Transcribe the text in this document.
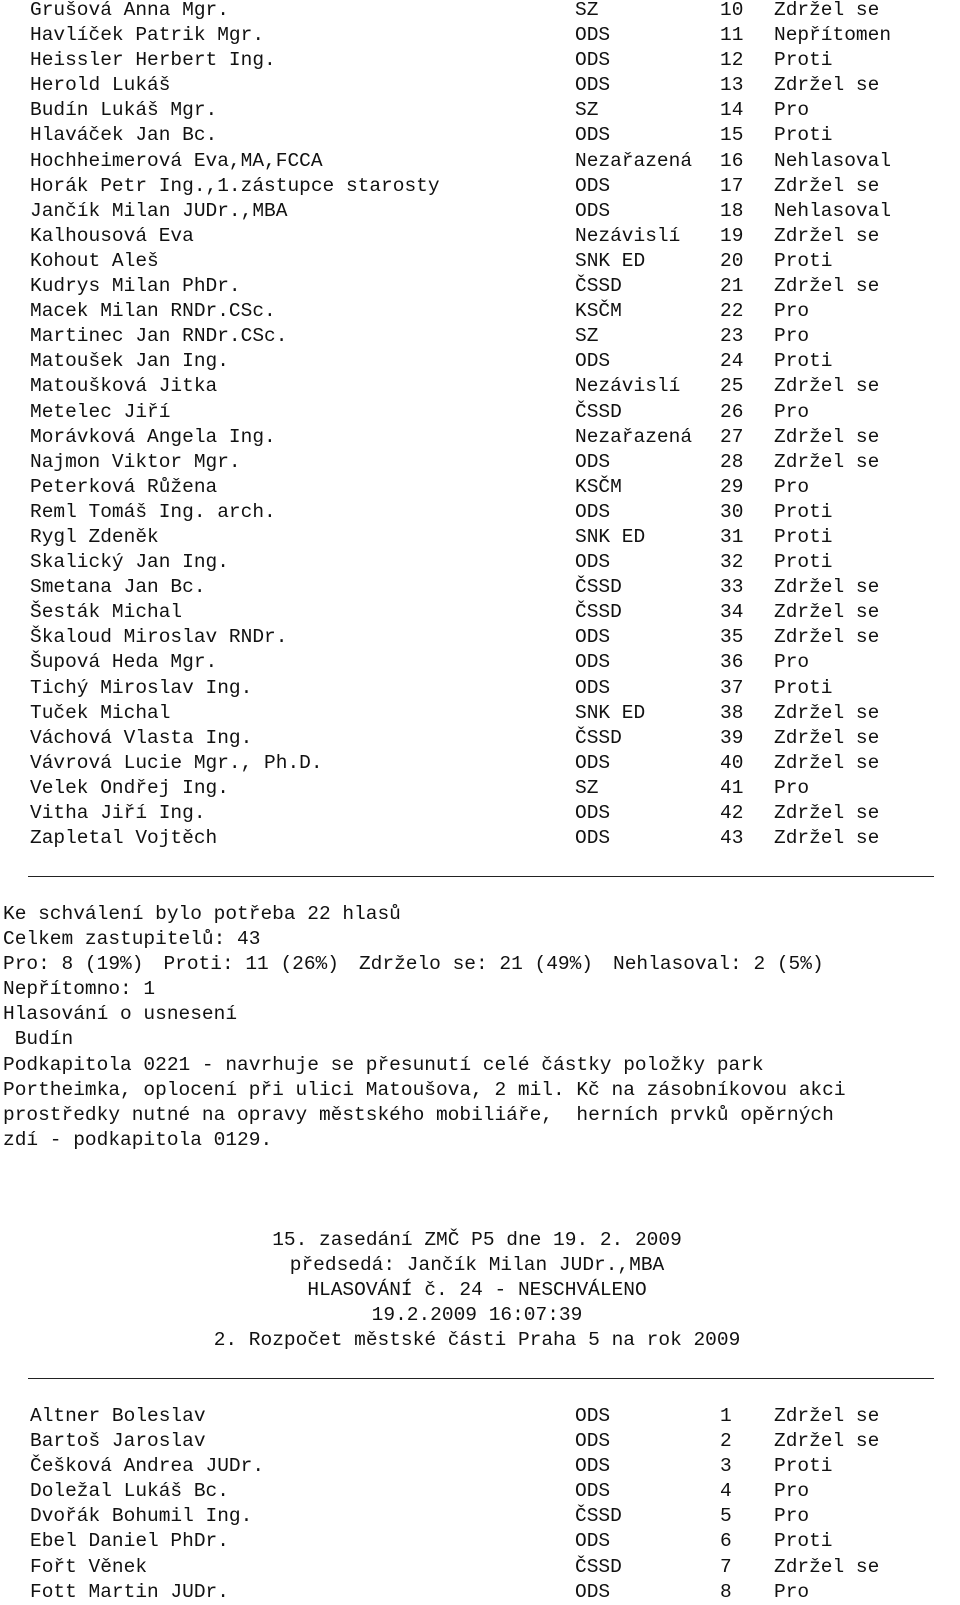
Grušová Anna Mgr.	SZ	10 Zdržel se
Havlíček Patrik Mgr.	ODS	11 Nepřítomen
Heissler Herbert Ing.	ODS	12 Proti
Herold Lukáš	ODS	13 Zdržel se
Budín Lukáš Mgr.	SZ	14 Pro
Hlaváček Jan Bc.	ODS	15 Proti
Hochheimerová Eva,MA,FCCA	Nezařazená 16 Nehlasoval
Horák Petr Ing.,1.zástupce starosty	ODS	17 Zdržel se
Jančík Milan JUDr.,MBA	ODS	18 Nehlasoval
Kalhousová Eva	Nezávislí 19 Zdržel se
Kohout Aleš	SNK ED	20 Proti
Kudrys Milan PhDr.	ČSSD	21 Zdržel se
Macek Milan RNDr.CSc.	KSČM	22 Pro
Martinec Jan RNDr.CSc.	SZ	23 Pro
Matoušek Jan Ing.	ODS	24 Proti
Matoušková Jitka	Nezávislí 25 Zdržel se
Metelec Jiří	ČSSD	26 Pro
Morávková Angela Ing.	Nezařazená 27 Zdržel se
Najmon Viktor Mgr.	ODS	28 Zdržel se
Peterková Růžena	KSČM	29 Pro
Reml Tomáš Ing. arch.	ODS	30 Proti
Rygl Zdeněk	SNK ED	31 Proti
Skalický Jan Ing.	ODS	32 Proti
Smetana Jan Bc.	ČSSD	33 Zdržel se
Šesták Michal	ČSSD	34 Zdržel se
Škaloud Miroslav RNDr.	ODS	35 Zdržel se
Šupová Heda Mgr.	ODS	36 Pro
Tichý Miroslav Ing.	ODS	37 Proti
Tuček Michal	SNK ED	38 Zdržel se
Váchová Vlasta Ing.	ČSSD	39 Zdržel se
Vávrová Lucie Mgr., Ph.D.	ODS	40 Zdržel se
Velek Ondřej Ing.	SZ	41 Pro
Vitha Jiří Ing.	ODS	42 Zdržel se
Zapletal Vojtěch	ODS	43 Zdržel se
Ke schválení bylo potřeba 22 hlasů
Celkem zastupitelů: 43
Pro: 8 (19%) Proti: 11 (26%) Zdrželo se: 21 (49%) Nehlasoval: 2 (5%)
Nepřítomno: 1
Hlasování o usnesení
Budín
Podkapitola 0221 - navrhuje se přesunutí celé částky položky park
Portheimka, oplocení při ulici Matoušova, 2 mil. Kč na zásobníkovou akci
prostředky nutné na opravy městského mobiliáře,  herních prvků opěrných
zdí - podkapitola 0129.
15. zasedání ZMČ P5 dne 19. 2. 2009
předsedá: Jančík Milan JUDr.,MBA
HLASOVÁNÍ č. 24 - NESCHVÁLENO
19.2.2009 16:07:39
2. Rozpočet městské části Praha 5 na rok 2009
Altner Boleslav	ODS	1 Zdržel se
Bartoš Jaroslav	ODS	2 Zdržel se
Češková Andrea JUDr.	ODS	3 Proti
Doležal Lukáš Bc.	ODS	4 Pro
Dvořák Bohumil Ing.	ČSSD	5 Pro
Ebel Daniel PhDr.	ODS	6 Proti
Fořt Věnek	ČSSD	7 Zdržel se
Fott Martin JUDr.	ODS	8 Pro
